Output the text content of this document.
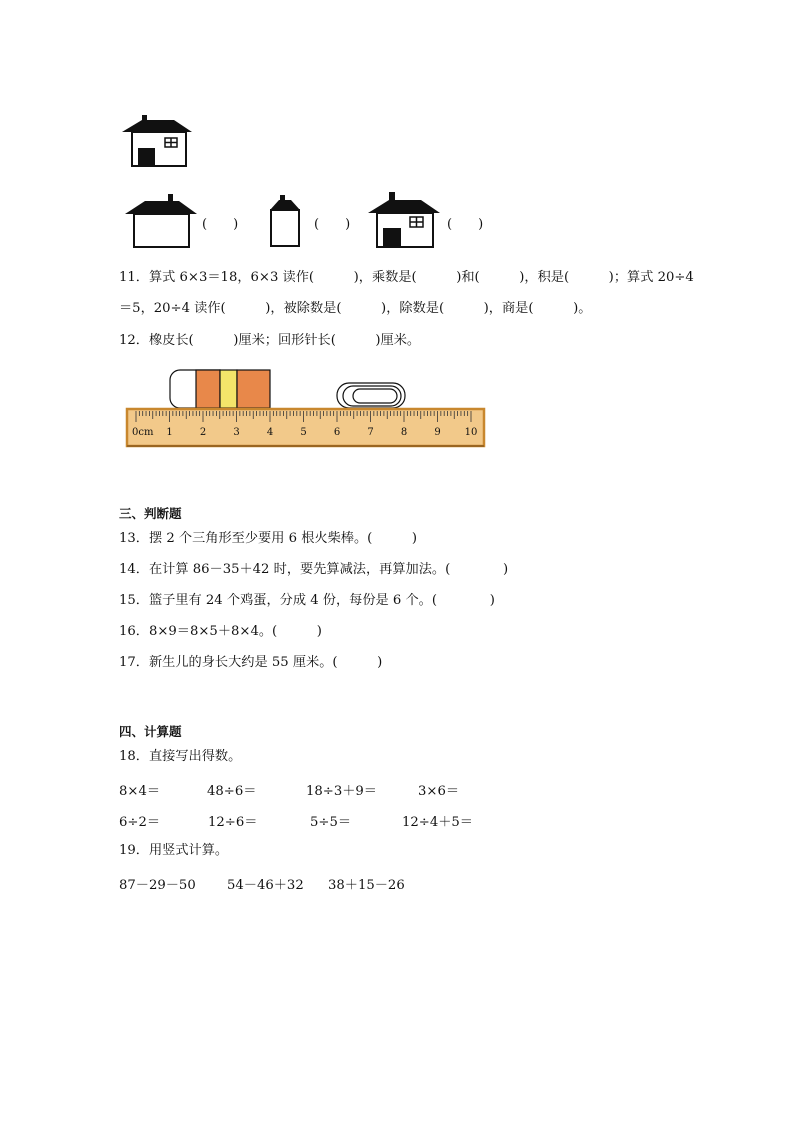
(　　)	(　　)	(　　)
11．算式 6×3＝18，6×3 读作(　　　)，乘数是(　　　)和(　　　)，积是(　　　)；算式 20÷4
＝5，20÷4 读作(　　　)，被除数是(　　　)，除数是(　　　)，商是(　　　)。
12．橡皮长(　　　)厘米；回形针长(　　　)厘米。
0cm 1	2	3	4	5	6	7	8	9 10
三、判断题
13．摆 2 个三角形至少要用 6 根火柴棒。(　　　)
14．在计算 86－35＋42 时，要先算减法，再算加法。(　　　　)
15．篮子里有 24 个鸡蛋，分成 4 份，每份是 6 个。(　　　　)
16．8×9＝8×5＋8×4。(　　　)
17．新生儿的身长大约是 55 厘米。(　　　)
四、计算题
18．直接写出得数。
8×4＝	48÷6＝	18÷3＋9＝	3×6＝
6÷2＝	12÷6＝	5÷5＝	12÷4＋5＝
19．用竖式计算。
87－29－50 54－46＋32 38＋15－26
